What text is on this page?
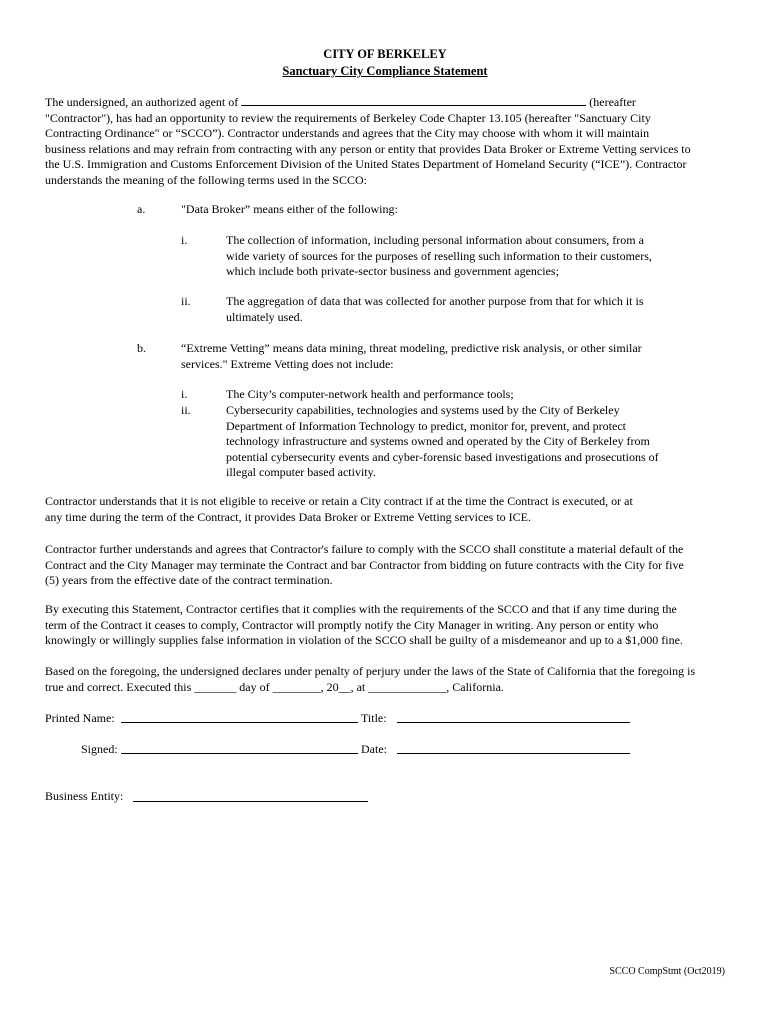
CITY OF BERKELEY
Sanctuary City Compliance Statement
The undersigned, an authorized agent of	(hereafter
"Contractor"), has had an opportunity to review the requirements of Berkeley Code Chapter 13.105 (hereafter "Sanctuary City
Contracting Ordinance" or “SCCO”). Contractor understands and agrees that the City may choose with whom it will maintain
business relations and may refrain from contracting with any person or entity that provides Data Broker or Extreme Vetting services to
the U.S. Immigration and Customs Enforcement Division of the United States Department of Homeland Security (“ICE”). Contractor
understands the meaning of the following terms used in the SCCO:
a.	"Data Broker” means either of the following:
i.	The collection of information, including personal information about consumers, from a
wide variety of sources for the purposes of reselling such information to their customers,
which include both private-sector business and government agencies;
ii.	The aggregation of data that was collected for another purpose from that for which it is
ultimately used.
b.	“Extreme Vetting” means data mining, threat modeling, predictive risk analysis, or other similar
services." Extreme Vetting does not include:
i.	The City’s computer-network health and performance tools;
ii.	Cybersecurity capabilities, technologies and systems used by the City of Berkeley
Department of Information Technology to predict, monitor for, prevent, and protect
technology infrastructure and systems owned and operated by the City of Berkeley from
potential cybersecurity events and cyber-forensic based investigations and prosecutions of
illegal computer based activity.
Contractor understands that it is not eligible to receive or retain a City contract if at the time the Contract is executed, or at
any time during the term of the Contract, it provides Data Broker or Extreme Vetting services to ICE.
Contractor further understands and agrees that Contractor's failure to comply with the SCCO shall constitute a material default of the
Contract and the City Manager may terminate the Contract and bar Contractor from bidding on future contracts with the City for five
(5) years from the effective date of the contract termination.
By executing this Statement, Contractor certifies that it complies with the requirements of the SCCO and that if any time during the
term of the Contract it ceases to comply, Contractor will promptly notify the City Manager in writing. Any person or entity who
knowingly or willingly supplies false information in violation of the SCCO shall be guilty of a misdemeanor and up to a $1,000 fine.
Based on the foregoing, the undersigned declares under penalty of perjury under the laws of the State of California that the foregoing is
true and correct. Executed this _______ day of ________, 20__, at _____________, California.
Printed Name:	Title:
Signed:	Date:
Business Entity:
SCCO CompStmt (Oct2019)
